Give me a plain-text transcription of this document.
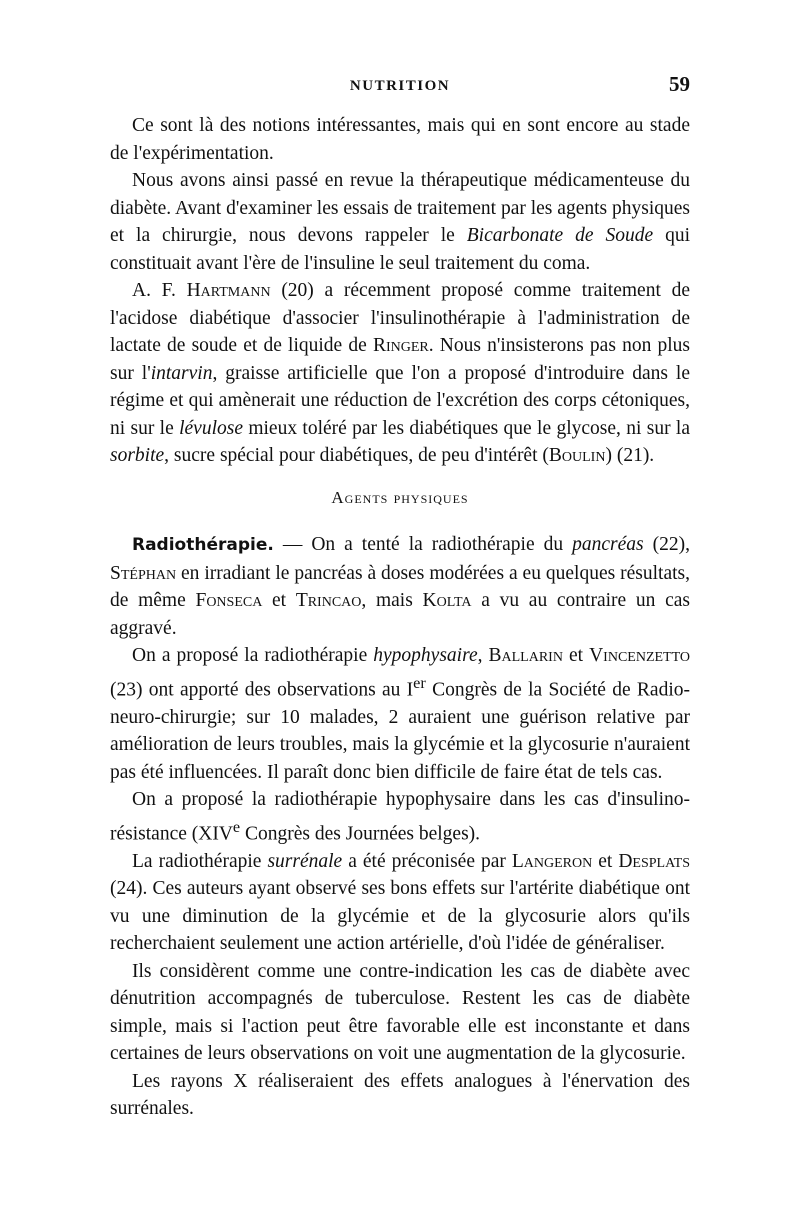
NUTRITION	59

Ce sont là des notions intéressantes, mais qui en sont encore au stade de l'expérimentation.

Nous avons ainsi passé en revue la thérapeutique médicamenteuse du diabète. Avant d'examiner les essais de traitement par les agents physiques et la chirurgie, nous devons rappeler le Bicarbonate de Soude qui constituait avant l'ère de l'insuline le seul traitement du coma.

A. F. Hartmann (20) a récemment proposé comme traitement de l'acidose diabétique d'associer l'insulinothérapie à l'administration de lactate de soude et de liquide de Ringer. Nous n'insisterons pas non plus sur l'intarvin, graisse artificielle que l'on a proposé d'introduire dans le régime et qui amènerait une réduction de l'excrétion des corps cétoniques, ni sur le lévulose mieux toléré par les diabétiques que le glycose, ni sur la sorbite, sucre spécial pour diabétiques, de peu d'intérêt (Boulin) (21).

Agents physiques

Radiothérapie. — On a tenté la radiothérapie du pancréas (22), Stéphan en irradiant le pancréas à doses modérées a eu quelques résultats, de même Fonseca et Trincao, mais Kolta a vu au contraire un cas aggravé.

On a proposé la radiothérapie hypophysaire, Ballarin et Vincenzetto (23) ont apporté des observations au Ier Congrès de la Société de Radio-neuro-chirurgie; sur 10 malades, 2 auraient une guérison relative par amélioration de leurs troubles, mais la glycémie et la glycosurie n'auraient pas été influencées. Il paraît donc bien difficile de faire état de tels cas.

On a proposé la radiothérapie hypophysaire dans les cas d'insulino-résistance (XIVe Congrès des Journées belges).

La radiothérapie surrénale a été préconisée par Langeron et Desplats (24). Ces auteurs ayant observé ses bons effets sur l'artérite diabétique ont vu une diminution de la glycémie et de la glycosurie alors qu'ils recherchaient seulement une action artérielle, d'où l'idée de généraliser.

Ils considèrent comme une contre-indication les cas de diabète avec dénutrition accompagnés de tuberculose. Restent les cas de diabète simple, mais si l'action peut être favorable elle est inconstante et dans certaines de leurs observations on voit une augmentation de la glycosurie.

Les rayons X réaliseraient des effets analogues à l'énervation des surrénales.
